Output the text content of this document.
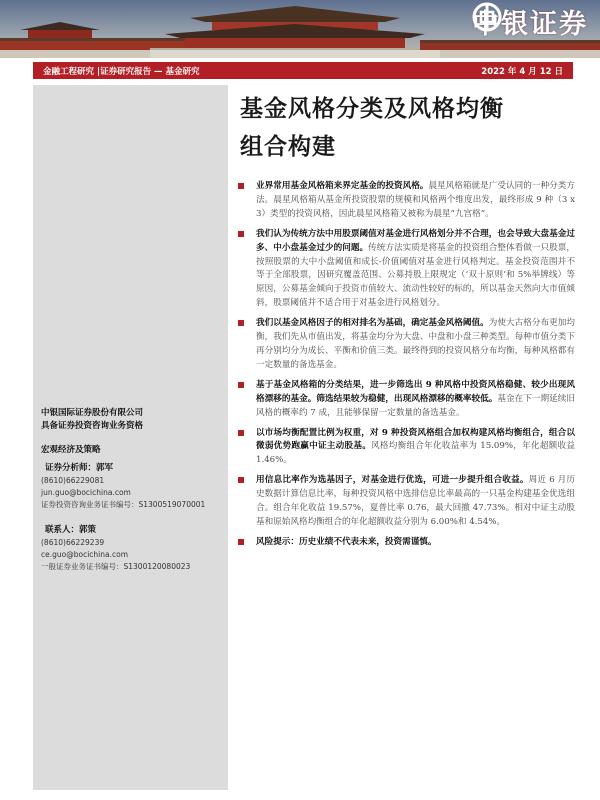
中银证券
金融工程研究 |证券研究报告 — 基金研究	2022 年 4 月 12 日
中银国际证券股份有限公司
具备证券投资咨询业务资格
宏观经济及策略
证券分析师：郭军
(8610)66229081
jun.guo@bocichina.com
证券投资咨询业务证书编号：S1300519070001
联系人：郭策
(8610)66229239
ce.guo@bocichina.com
一般证券业务证书编号：S1300120080023
基金风格分类及风格均衡
组合构建
业界常用基金风格箱来界定基金的投资风格。晨星风格箱就是广受认同的一种分类方法。晨星风格箱从基金所投资股票的规模和风格两个维度出发，最终形成 9 种（3 x 3）类型的投资风格，因此晨星风格箱又被称为晨星“九宫格”。
我们认为传统方法中用股票阈值对基金进行风格划分并不合理，也会导致大盘基金过多、中小盘基金过少的问题。传统方法实质是将基金的投资组合整体看做一只股票，按照股票的大中小盘阈值和成长-价值阈值对基金进行风格判定。基金投资范围并不等于全部股票，因研究覆盖范围、公募持股上限规定（‘双十原则’和 5%举牌线）等原因，公募基金倾向于投资市值较大、流动性较好的标的，所以基金天然向大市值倾斜，股票阈值并不适合用于对基金进行风格划分。
我们以基金风格因子的相对排名为基础，确定基金风格阈值。为使大古格分布更加均衡，我们先从市值出发，将基金均分为大盘、中盘和小盘三种类型。每种市值分类下再分别均分为成长、平衡和价值三类。最终得到的投资风格分布均衡，每种风格都有一定数量的备选基金。
基于基金风格箱的分类结果，进一步筛选出 9 种风格中投资风格稳健、较少出现风格漂移的基金。筛选结果较为稳健，出现风格漂移的概率较低。基金在下一期延续旧风格的概率约 7 成，且能够保留一定数量的备选基金。
以市场均衡配置比例为权重，对 9 种投资风格组合加权构建风格均衡组合，组合以微弱优势跑赢中证主动股基。风格均衡组合年化收益率为 15.09%，年化超额收益 1.46%。
用信息比率作为选基因子，对基金进行优选，可进一步提升组合收益。周近 6 月历史数据计算信息比率，每种投资风格中选排信息比率最高的一只基金构建基金优选组合。组合年化收益 19.57%，夏普比率 0.76，最大回撤 47.73%。相对中证主动股基和原始风格均衡组合的年化超额收益分别为 6.00%和 4.54%。
风险提示：历史业绩不代表未来，投资需谨慎。
